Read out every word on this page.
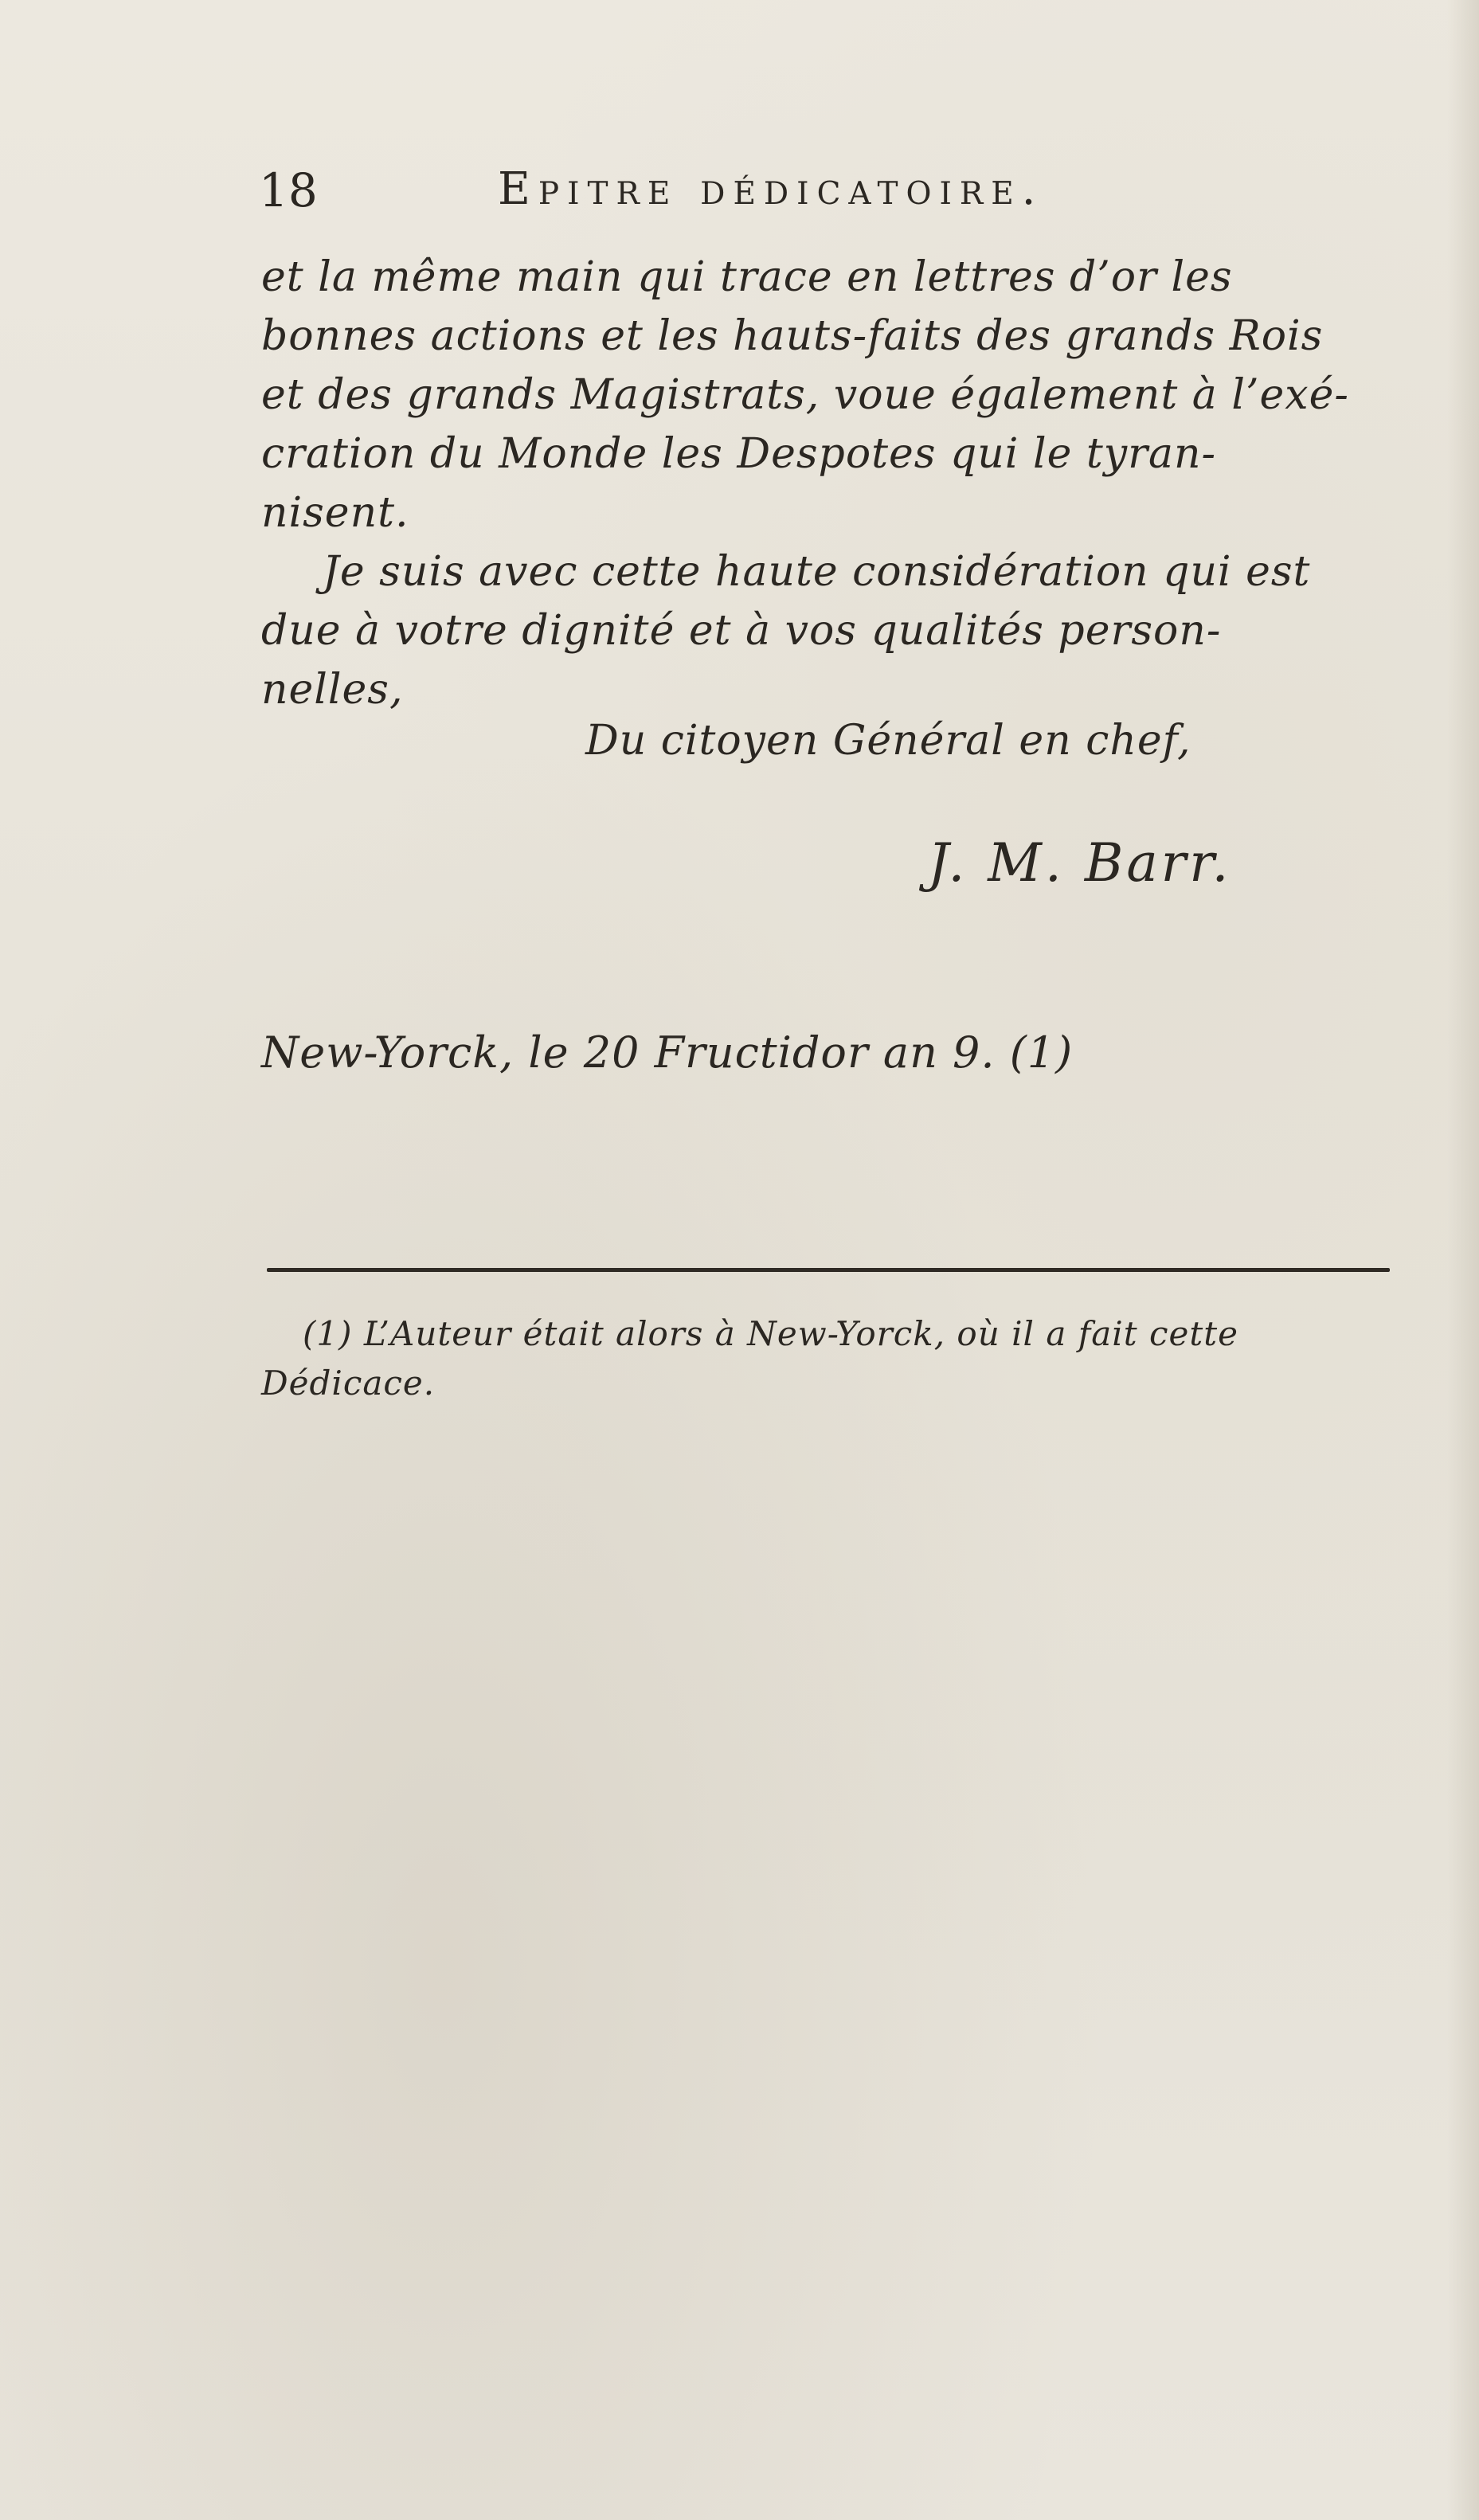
18	Epitre dédicatoire.
et la même main qui trace en lettres d’or les
bonnes actions et les hauts-faits des grands Rois
et des grands Magistrats, voue également à l’exé-
cration du Monde les Despotes qui le tyran-
nisent.
Je suis avec cette haute considération qui est
due à votre dignité et à vos qualités person-
nelles,
Du citoyen Général en chef,
J. M. Barr.
New-Yorck, le 20 Fructidor an 9. (1)
(1) L’Auteur était alors à New-Yorck, où il a fait cette
Dédicace.
